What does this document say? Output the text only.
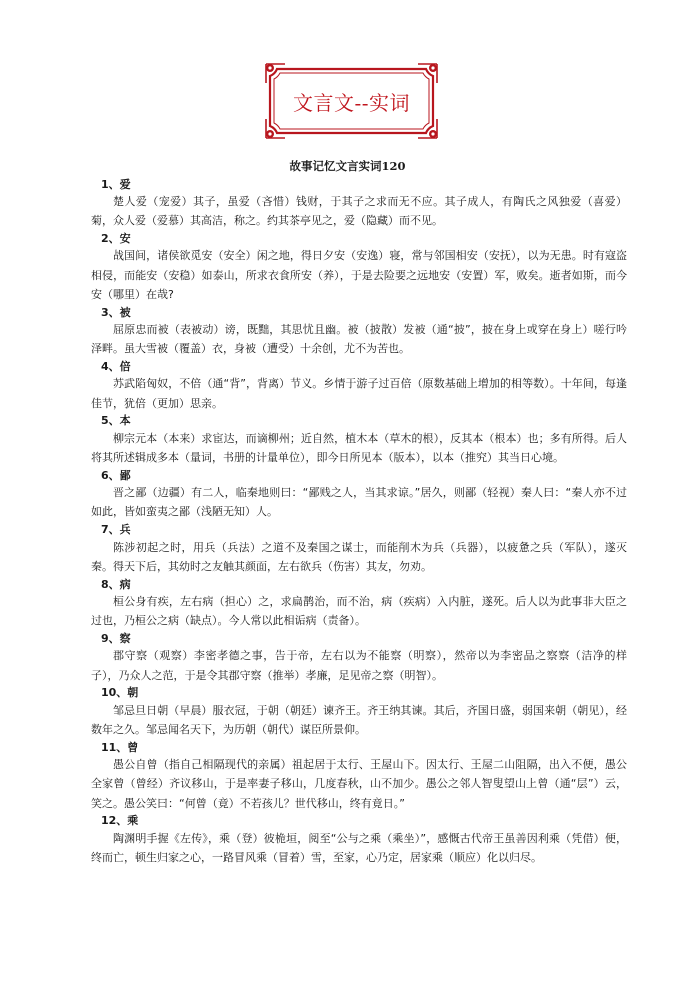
文言文--实词
故事记忆文言实词120
1、爱
楚人爱（宠爱）其子，虽爱（吝惜）钱财，于其子之求而无不应。其子成人，有陶氏之风独爱（喜爱）菊，众人爱（爱慕）其高洁，称之。约其茶亭见之，爱（隐藏）而不见。
2、安
战国间，诸侯欲觅安（安全）闲之地，得日夕安（安逸）寝，常与邻国相安（安抚），以为无患。时有寇盗相侵，而能安（安稳）如泰山，所求衣食所安（养），于是去险要之远地安（安置）军，败矣。逝者如斯，而今安（哪里）在哉?
3、被
屈原忠而被（表被动）谤，既黜，其思忧且幽。被（披散）发被（通“披”，披在身上或穿在身上）嗟行吟泽畔。虽大雪被（覆盖）衣，身被（遭受）十余创，尤不为苦也。
4、倍
苏武陷匈奴，不倍（通“背”，背离）节义。乡情于游子过百倍（原数基础上增加的相等数）。十年间，每逢佳节，犹倍（更加）思亲。
5、本
柳宗元本（本来）求宦达，而谪柳州；近自然，植木本（草木的根），反其本（根本）也；多有所得。后人将其所述辑成多本（量词，书册的计量单位），即今日所见本（版本），以本（推究）其当日心境。
6、鄙
晋之鄙（边疆）有二人，临秦地则曰：“鄙贱之人，当其求谅。”居久，则鄙（轻视）秦人曰：“秦人亦不过如此，皆如蛮夷之鄙（浅陋无知）人。
7、兵
陈涉初起之时，用兵（兵法）之道不及秦国之谋士，而能削木为兵（兵器），以疲惫之兵（军队），遂灭秦。得天下后，其幼时之友触其颜面，左右欲兵（伤害）其友，勿劝。
8、病
桓公身有疾，左右病（担心）之，求扁鹊治，而不治，病（疾病）入内脏，遂死。后人以为此事非大臣之过也，乃桓公之病（缺点）。今人常以此相诟病（责备）。
9、察
郡守察（观察）李密孝德之事，告于帝，左右以为不能察（明察），然帝以为李密品之察察（洁净的样子），乃众人之范，于是令其郡守察（推举）孝廉，足见帝之察（明智）。
10、朝
邹忌旦日朝（早晨）服衣冠，于朝（朝廷）谏齐王。齐王纳其谏。其后，齐国日盛，弱国来朝（朝见），经数年之久。邹忌闻名天下，为历朝（朝代）谋臣所景仰。
11、曾
愚公自曾（指自己相隔现代的亲属）祖起居于太行、王屋山下。因太行、王屋二山阻隔，出入不便，愚公全家曾（曾经）齐议移山，于是率妻子移山，几度春秋，山不加少。愚公之邻人智叟望山上曾（通“层”）云，笑之。愚公笑曰：“何曾（竟）不若孩儿？世代移山，终有竟日。”
12、乘
陶渊明手握《左传》，乘（登）彼桅垣，阅至“公与之乘（乘坐）”，感慨古代帝王虽善因利乘（凭借）便，终而亡，顿生归家之心，一路冒风乘（冒着）雪，至家，心乃定，居家乘（顺应）化以归尽。
